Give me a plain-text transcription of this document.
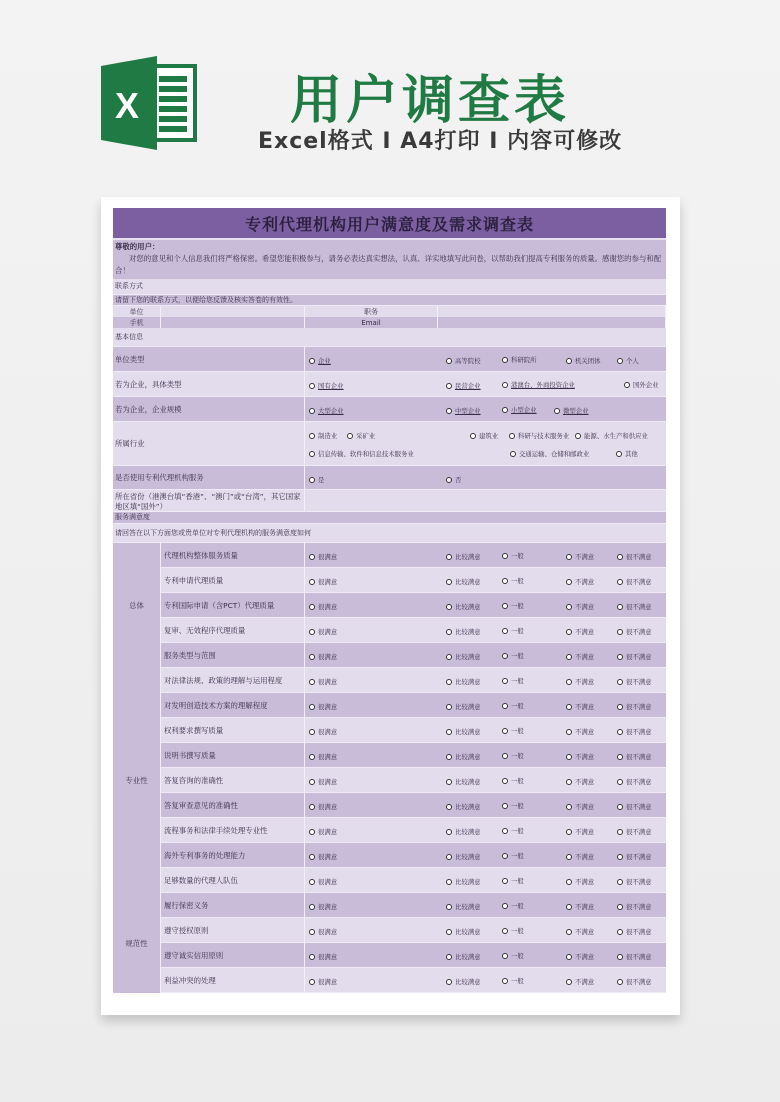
X	用户调查表
Excel格式 I A4打印 I 内容可修改
专利代理机构用户满意度及需求调查表
尊敬的用户：
对您的意见和个人信息我们将严格保密。希望您能积极参与，请务必表达真实想法，认真、详实地填写此问卷，以帮助我们提高专利服务的质量。感谢您的参与和配合！
联系方式
请留下您的联系方式，以便给您反馈及核实答卷的有效性。
单位	职务
手机	Email
基本信息
单位类型	企业	高等院校	科研院所	机关团体	个人
若为企业，具体类型	国有企业	民营企业	港澳台、外商投资企业	国外企业
若为企业，企业规模	大型企业	中型企业	小型企业	微型企业
所属行业
制造业	采矿业	建筑业	科研与技术服务业 能源、水生产和供应业
信息传输、软件和信息技术服务业	交通运输、仓储和邮政业	其他
是否使用专利代理机构服务	是	否
所在省份（港澳台填“香港”、“澳门”或“台湾”，其它国家地区填“国外”）
服务满意度
请回答在以下方面您或贵单位对专利代理机构的服务满意度如何
总体
代理机构整体服务质量	很满意	比较满意	一般	不满意	很不满意
专利申请代理质量	很满意	比较满意	一般	不满意	很不满意
专利国际申请（含PCT）代理质量	很满意	比较满意	一般	不满意	很不满意
复审、无效程序代理质量	很满意	比较满意	一般	不满意	很不满意
服务类型与范围	很满意	比较满意	一般	不满意	很不满意
专业性
对法律法规、政策的理解与运用程度	很满意	比较满意	一般	不满意	很不满意
对发明创造技术方案的理解程度	很满意	比较满意	一般	不满意	很不满意
权利要求撰写质量	很满意	比较满意	一般	不满意	很不满意
说明书撰写质量	很满意	比较满意	一般	不满意	很不满意
答复咨询的准确性	很满意	比较满意	一般	不满意	很不满意
答复审查意见的准确性	很满意	比较满意	一般	不满意	很不满意
流程事务和法律手续处理专业性	很满意	比较满意	一般	不满意	很不满意
海外专利事务的处理能力	很满意	比较满意	一般	不满意	很不满意
足够数量的代理人队伍	很满意	比较满意	一般	不满意	很不满意
规范性
履行保密义务	很满意	比较满意	一般	不满意	很不满意
遵守授权原则	很满意	比较满意	一般	不满意	很不满意
遵守诚实信用原则	很满意	比较满意	一般	不满意	很不满意
利益冲突的处理	很满意	比较满意	一般	不满意	很不满意
